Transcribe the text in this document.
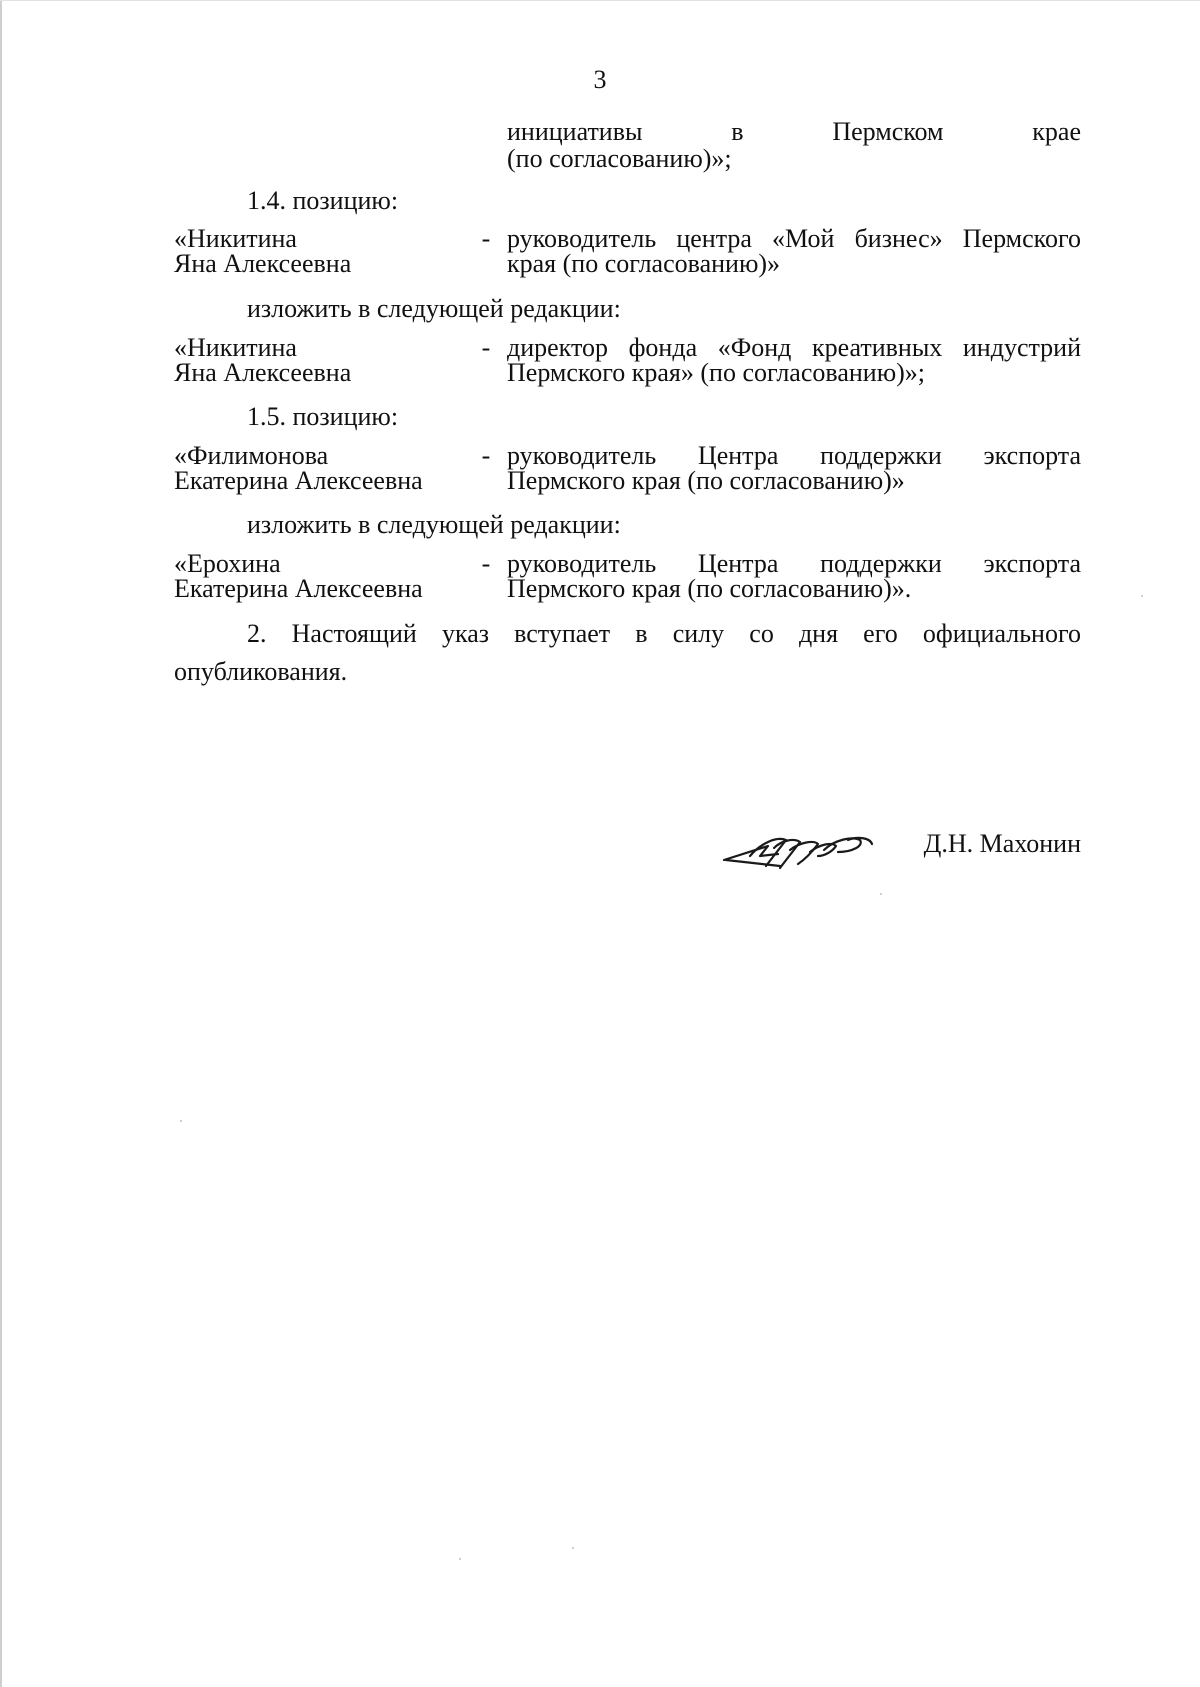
3
инициативы	в	Пермском	крае
(по согласованию)»;
1.4. позицию:
«Никитина
Яна Алексеевна
- руководитель центра «Мой бизнес» Пермского
края (по согласованию)»
изложить в следующей редакции:
«Никитина
Яна Алексеевна
- директор фонда «Фонд креативных индустрий
Пермского края» (по согласованию)»;
1.5. позицию:
«Филимонова
Екатерина Алексеевна
- руководитель Центра поддержки экспорта
Пермского края (по согласованию)»
изложить в следующей редакции:
«Ерохина
Екатерина Алексеевна
- руководитель Центра поддержки экспорта
Пермского края (по согласованию)».
2. Настоящий указ вступает в силу со дня его официального
опубликования.
Д.Н. Махонин
